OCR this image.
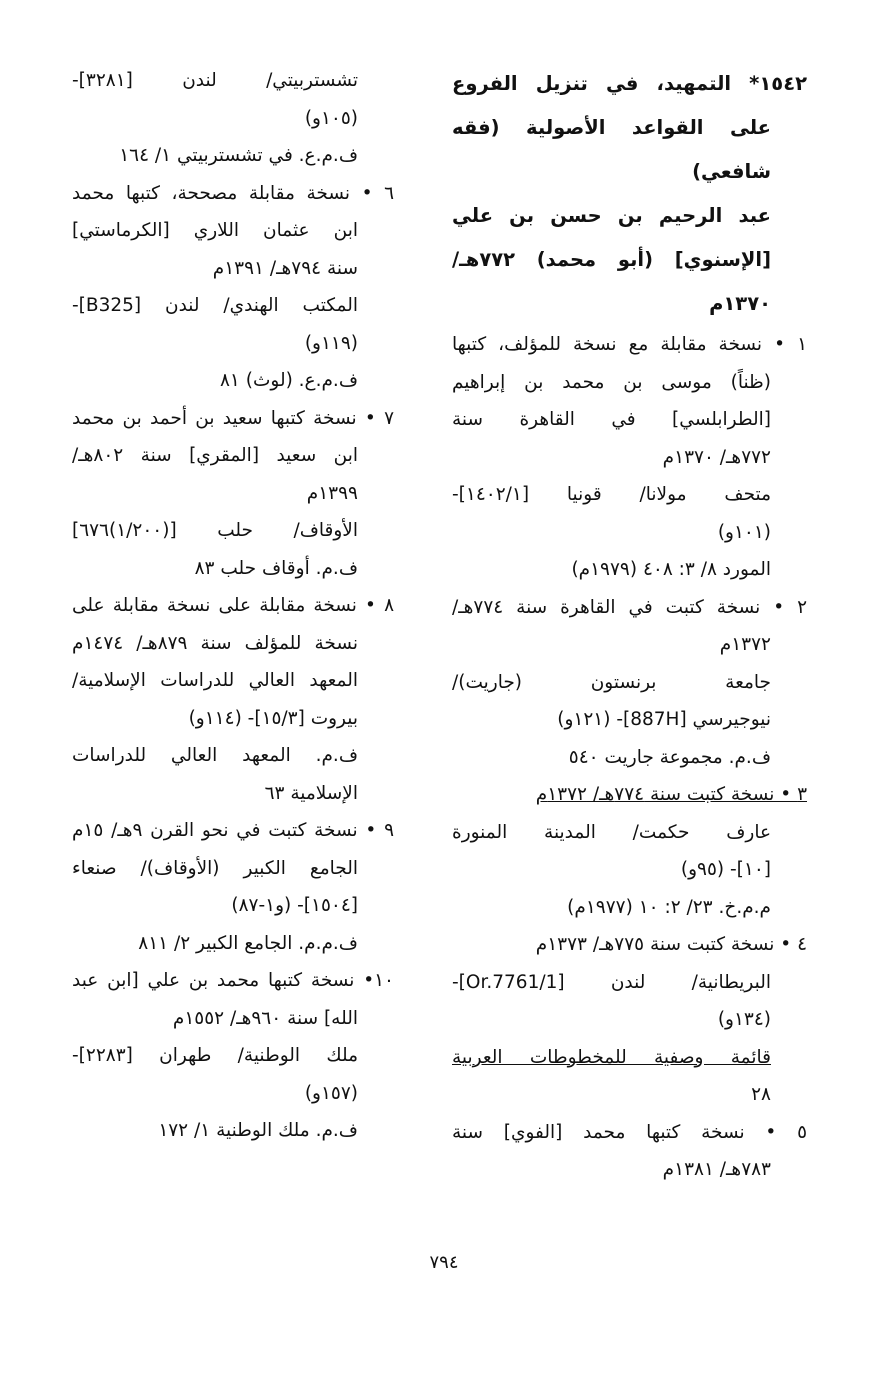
١٥٤٢* التمهيد، في تنزيل الفروع
على القواعد الأصولية (فقه
شافعي)
عبد الرحيم بن حسن بن علي
[الإسنوي] (أبو محمد) ٧٧٢هـ/
١٣٧٠م
١ • نسخة مقابلة مع نسخة للمؤلف، كتبها
(ظناً) موسى بن محمد بن إبراهيم
[الطرابلسي] في القاهرة سنة
٧٧٢هـ/ ١٣٧٠م
متحف مولانا/ قونيا [١٤٠٢/١]-
(١٠١و)
المورد ٨/ ٣: ٤٠٨ (١٩٧٩م)
٢ • نسخة كتبت في القاهرة سنة ٧٧٤هـ/
١٣٧٢م
جامعة برنستون (جاريت)/
نيوجيرسي [887H]- (١٢١و)
ف.م. مجموعة جاريت ٥٤٠
٣ • نسخة كتبت سنة ٧٧٤هـ/ ١٣٧٢م
عارف حكمت/ المدينة المنورة
[١٠]- (٩٥و)
م.م.خ. ٢٣/ ٢: ١٠ (١٩٧٧م)
٤ • نسخة كتبت سنة ٧٧٥هـ/ ١٣٧٣م
البريطانية/ لندن [Or.7761/1]-
(١٣٤و)
قائمة وصفية للمخطوطات العربية
٢٨
٥ • نسخة كتبها محمد [الفوي] سنة
٧٨٣هـ/ ١٣٨١م
تشستربيتي/ لندن [٣٢٨١]-
(١٠٥و)
ف.م.ع. في تشستربيتي ١/ ١٦٤
٦ • نسخة مقابلة مصححة، كتبها محمد
ابن عثمان اللاري [الكرماستي]
سنة ٧٩٤هـ/ ١٣٩١م
المكتب الهندي/ لندن [B325]-
(١١٩و)
ف.م.ع. (لوث) ٨١
٧ • نسخة كتبها سعيد بن أحمد بن محمد
ابن سعيد [المقري] سنة ٨٠٢هـ/
١٣٩٩م
الأوقاف/ حلب [(١/٢٠٠)٦٧٦]
ف.م. أوقاف حلب ٨٣
٨ • نسخة مقابلة على نسخة مقابلة على
نسخة للمؤلف سنة ٨٧٩هـ/ ١٤٧٤م
المعهد العالي للدراسات الإسلامية/
بيروت [١٥/٣]- (١١٤و)
ف.م. المعهد العالي للدراسات
الإسلامية ٦٣
٩ • نسخة كتبت في نحو القرن ٩هـ/ ١٥م
الجامع الكبير (الأوقاف)/ صنعاء
[١٥٠٤]- (و١-٨٧)
ف.م.م. الجامع الكبير ٢/ ٨١١
١٠• نسخة كتبها محمد بن علي [ابن عبد
الله] سنة ٩٦٠هـ/ ١٥٥٢م
ملك الوطنية/ طهران [٢٢٨٣]-
(١٥٧و)
ف.م. ملك الوطنية ١/ ١٧٢
٧٩٤
